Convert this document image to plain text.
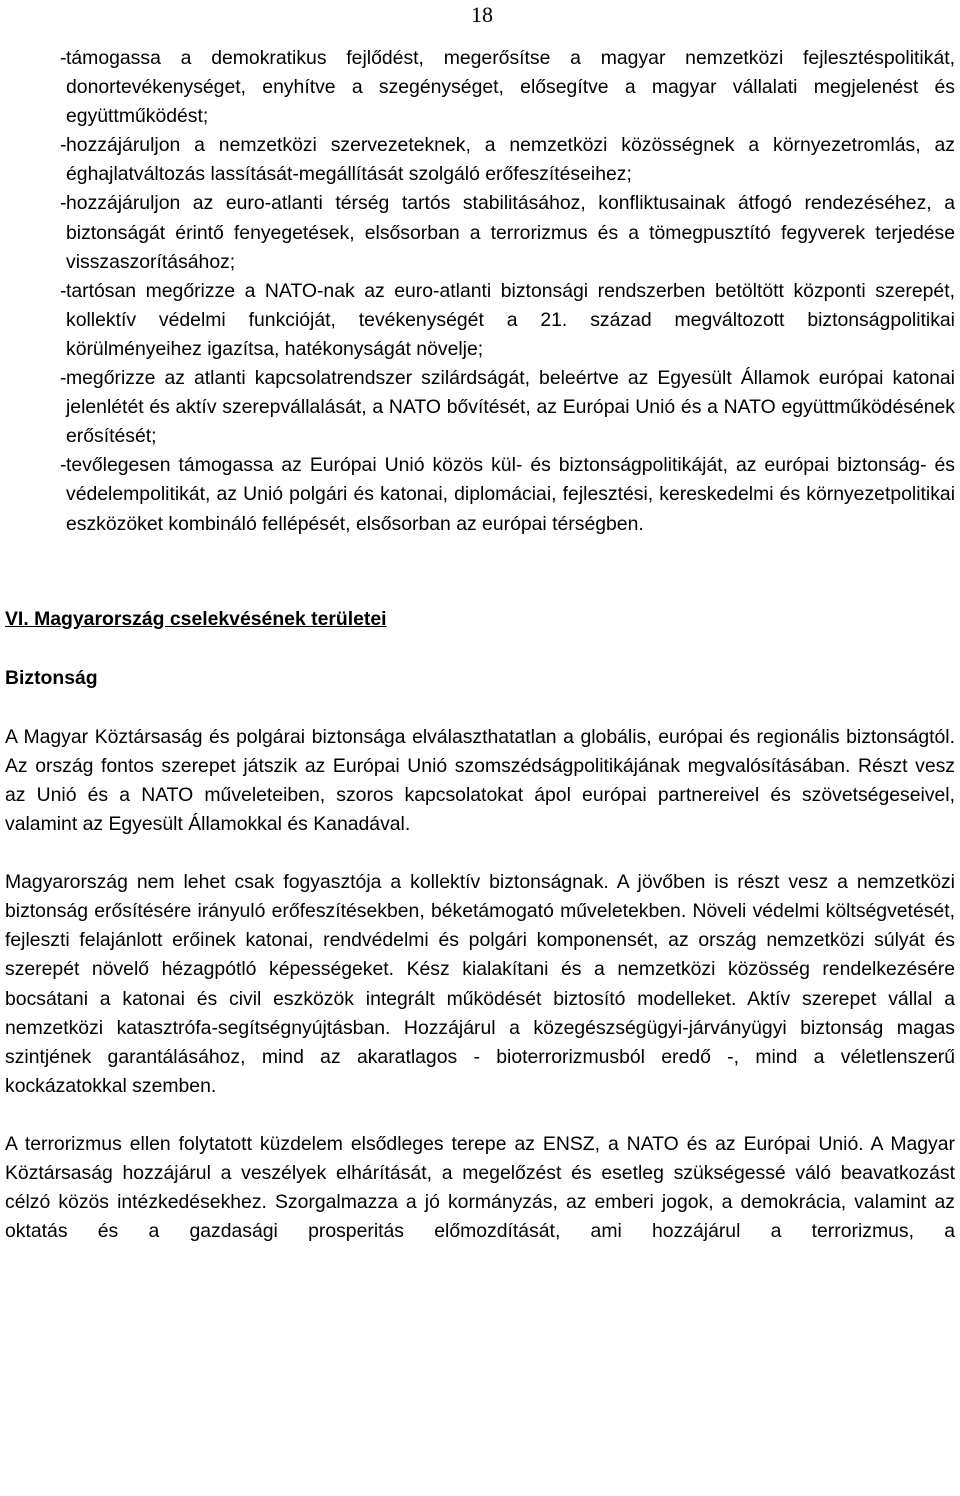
18
- támogassa a demokratikus fejlődést, megerősítse a magyar nemzetközi fejlesztéspolitikát, donortevékenységet, enyhítve a szegénységet, elősegítve a magyar vállalati megjelenést és együttműködést;
- hozzájáruljon a nemzetközi szervezeteknek, a nemzetközi közösségnek a környezetromlás, az éghajlatváltozás lassítását-megállítását szolgáló erőfeszítéseihez;
- hozzájáruljon az euro-atlanti térség tartós stabilitásához, konfliktusainak átfogó rendezéséhez, a biztonságát érintő fenyegetések, elsősorban a terrorizmus és a tömegpusztító fegyverek terjedése visszaszorításához;
- tartósan megőrizze a NATO-nak az euro-atlanti biztonsági rendszerben betöltött központi szerepét, kollektív védelmi funkcióját, tevékenységét a 21. század megváltozott biztonságpolitikai körülményeihez igazítsa, hatékonyságát növelje;
- megőrizze az atlanti kapcsolatrendszer szilárdságát, beleértve az Egyesült Államok európai katonai jelenlétét és aktív szerepvállalását, a NATO bővítését, az Európai Unió és a NATO együttműködésének erősítését;
- tevőlegesen támogassa az Európai Unió közös kül- és biztonságpolitikáját, az európai biztonság- és védelempolitikát, az Unió polgári és katonai, diplomáciai, fejlesztési, kereskedelmi és környezetpolitikai eszközöket kombináló fellépését, elsősorban az európai térségben.
VI. Magyarország cselekvésének területei
Biztonság

A Magyar Köztársaság és polgárai biztonsága elválaszthatatlan a globális, európai és regionális biztonságtól. Az ország fontos szerepet játszik az Európai Unió szomszédságpolitikájának megvalósításában. Részt vesz az Unió és a NATO műveleteiben, szoros kapcsolatokat ápol európai partnereivel és szövetségeseivel, valamint az Egyesült Államokkal és Kanadával.

Magyarország nem lehet csak fogyasztója a kollektív biztonságnak. A jövőben is részt vesz a nemzetközi biztonság erősítésére irányuló erőfeszítésekben, béketámogató műveletekben. Növeli védelmi költségvetését, fejleszti felajánlott erőinek katonai, rendvédelmi és polgári komponensét, az ország nemzetközi súlyát és szerepét növelő hézagpótló képességeket. Kész kialakítani és a nemzetközi közösség rendelkezésére bocsátani a katonai és civil eszközök integrált működését biztosító modelleket. Aktív szerepet vállal a nemzetközi katasztrófa-segítségnyújtásban. Hozzájárul a közegészségügyi-járványügyi biztonság magas szintjének garantálásához, mind az akaratlagos - bioterrorizmusból eredő -, mind a véletlenszerű kockázatokkal szemben.

A terrorizmus ellen folytatott küzdelem elsődleges terepe az ENSZ, a NATO és az Európai Unió. A Magyar Köztársaság hozzájárul a veszélyek elhárítását, a megelőzést és esetleg szükségessé váló beavatkozást célzó közös intézkedésekhez. Szorgalmazza a jó kormányzás, az emberi jogok, a demokrácia, valamint az oktatás és a gazdasági prosperitás előmozdítását, ami hozzájárul a terrorizmus, a
